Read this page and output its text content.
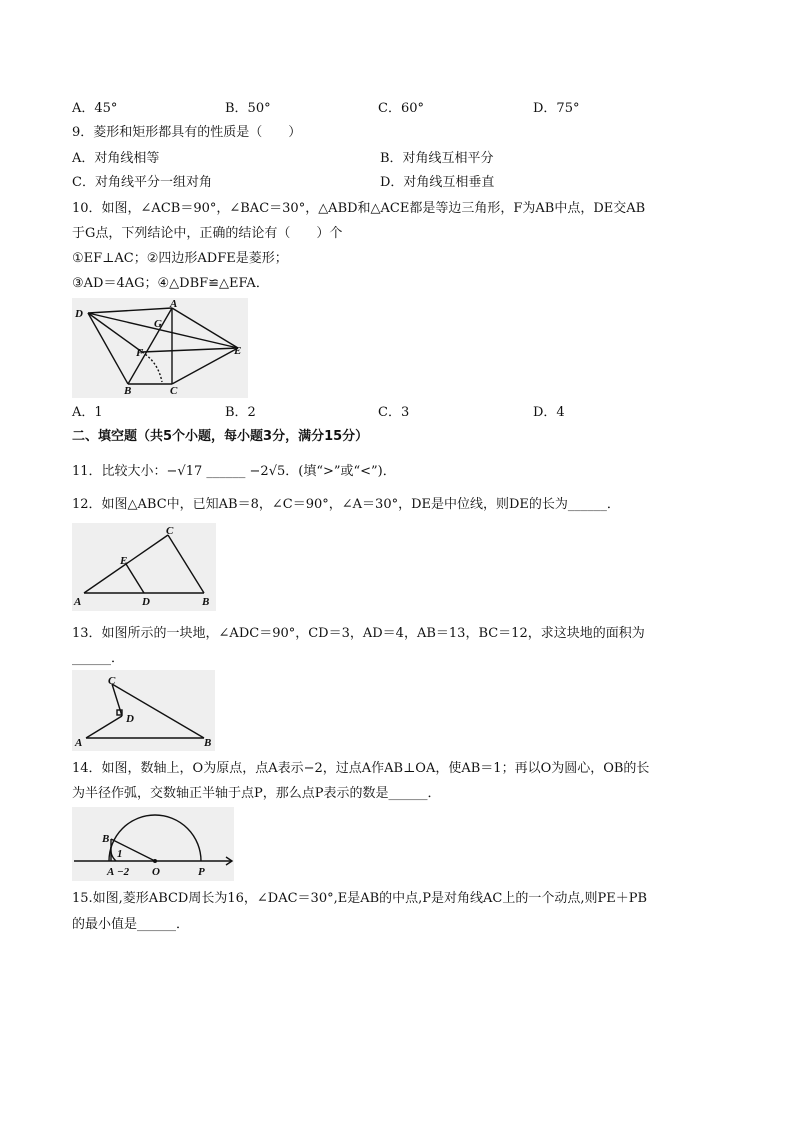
A．45°	B．50°	C．60°	D．75°
9．菱形和矩形都具有的性质是（　　）
A．对角线相等	B．对角线互相平分
C．对角线平分一组对角	D．对角线互相垂直
10．如图，∠ACB＝90°，∠BAC＝30°，△ABD和△ACE都是等边三角形，F为AB中点，DE交AB
于G点，下列结论中，正确的结论有（　　）个
①EF⊥AC；②四边形ADFE是菱形；
③AD＝4AG；④△DBF≌△EFA．
D
A
G
F	E
B	C
A．1	B．2	C．3	D．4
二、填空题（共5个小题，每小题3分，满分15分）
11．比较大小：−√17 ______ −2√5．(填“>”或“<”)．
12．如图△ABC中，已知AB＝8，∠C＝90°，∠A＝30°，DE是中位线，则DE的长为______．
C
E
A	D	B
13．如图所示的一块地，∠ADC＝90°，CD＝3，AD＝4，AB＝13，BC＝12，求这块地的面积为
______．
C
D
A	B
14．如图，数轴上，O为原点，点A表示−2，过点A作AB⊥OA，使AB＝1；再以O为圆心，OB的长
为半径作弧，交数轴正半轴于点P，那么点P表示的数是______．
B
1
A −2 O	P
15.如图,菱形ABCD周长为16，∠DAC＝30°,E是AB的中点,P是对角线AC上的一个动点,则PE＋PB
的最小值是______．
